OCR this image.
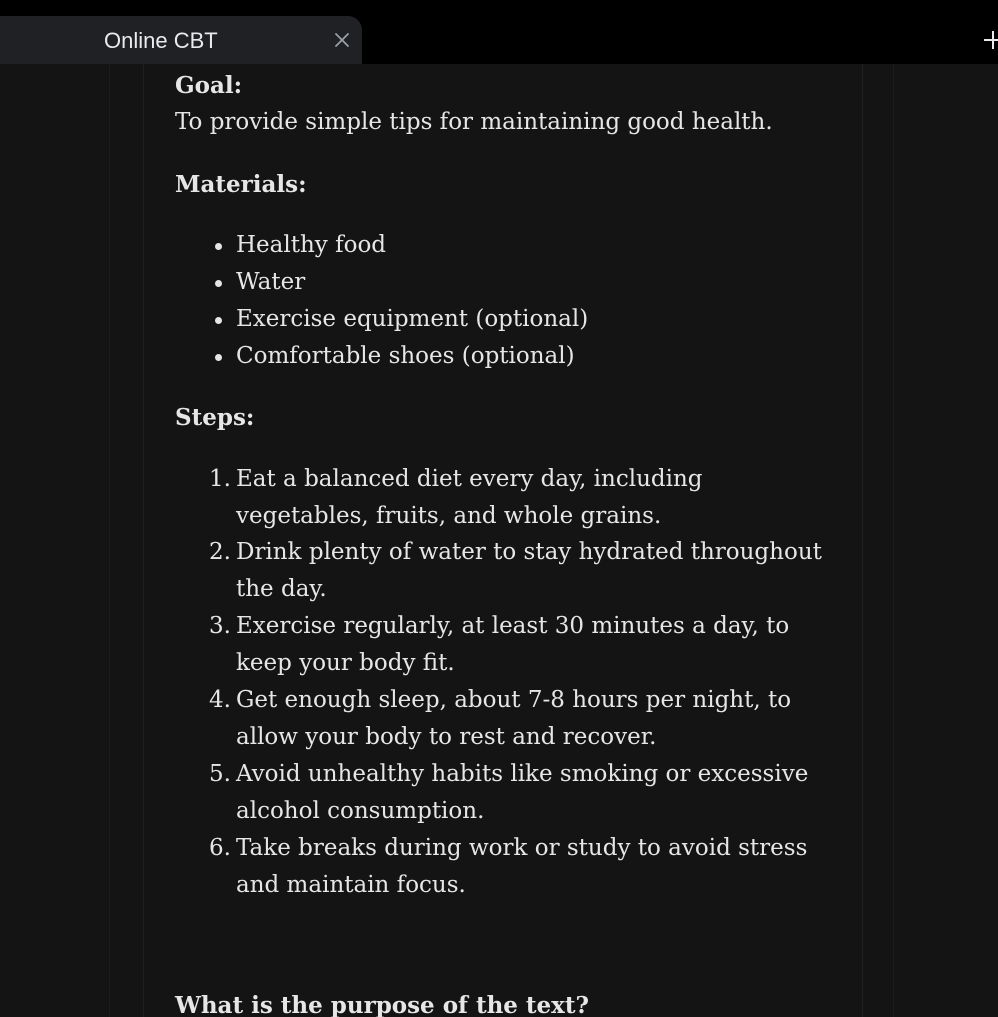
Online CBT
Goal:
To provide simple tips for maintaining good health.
Materials:
Healthy food
Water
Exercise equipment (optional)
Comfortable shoes (optional)
Steps:
1. Eat a balanced diet every day, including vegetables, fruits, and whole grains.
2. Drink plenty of water to stay hydrated throughout the day.
3. Exercise regularly, at least 30 minutes a day, to keep your body fit.
4. Get enough sleep, about 7-8 hours per night, to allow your body to rest and recover.
5. Avoid unhealthy habits like smoking or excessive alcohol consumption.
6. Take breaks during work or study to avoid stress and maintain focus.
What is the purpose of the text?
